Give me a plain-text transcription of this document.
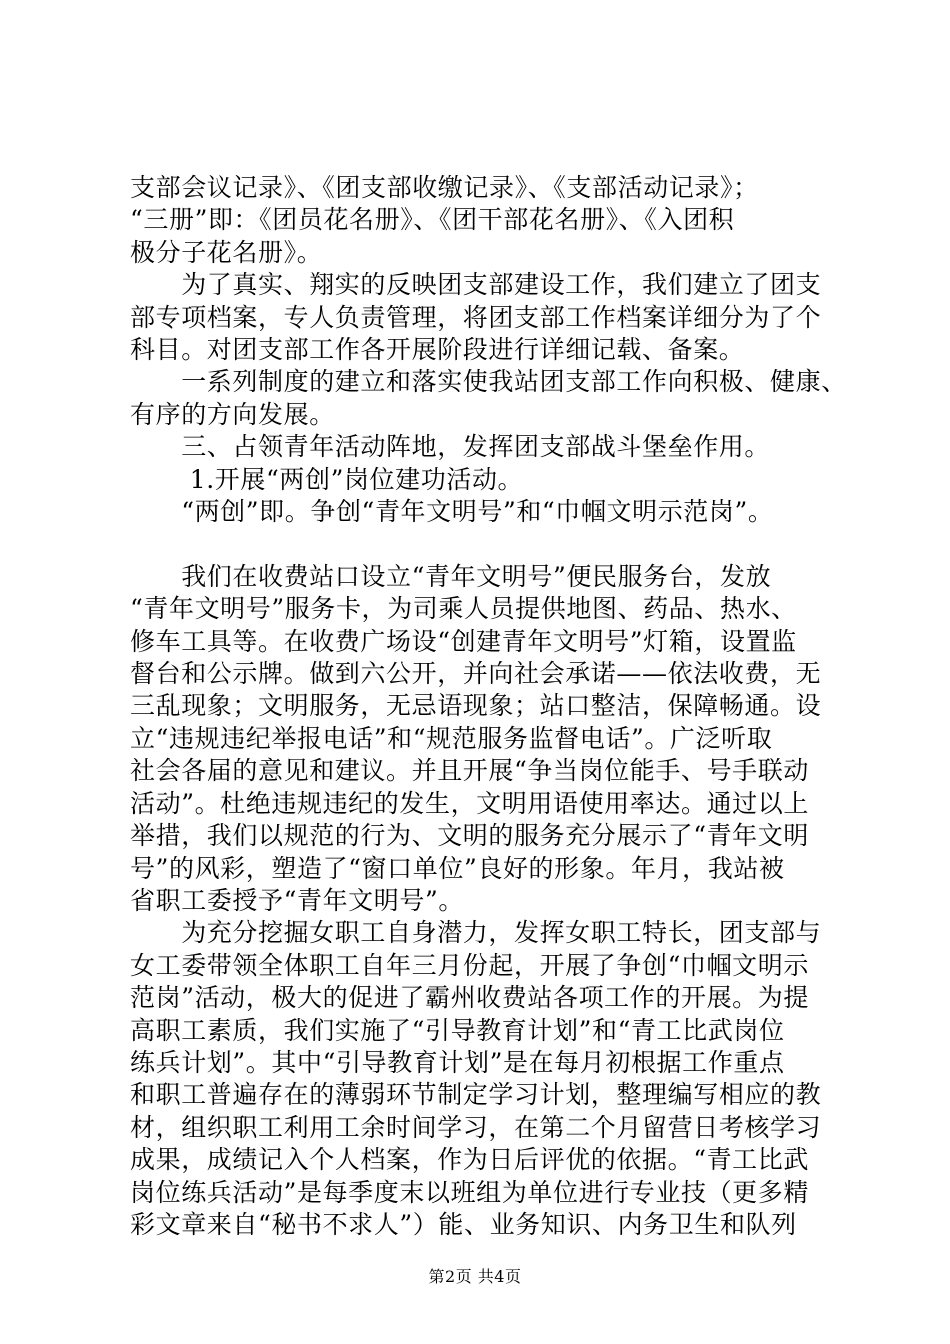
支部会议记录》、《团支部收缴记录》、《支部活动记录》；

“三册”即：《团员花名册》、《团干部花名册》、《入团积

极分子花名册》。

　　为了真实、翔实的反映团支部建设工作，我们建立了团支

部专项档案，专人负责管理，将团支部工作档案详细分为了个

科目。对团支部工作各开展阶段进行详细记载、备案。

　　一系列制度的建立和落实使我站团支部工作向积极、健康、

有序的方向发展。

　　三、占领青年活动阵地，发挥团支部战斗堡垒作用。

　　 1.开展“两创”岗位建功活动。

　　“两创”即。争创“青年文明号”和“巾帼文明示范岗”。

　　我们在收费站口设立“青年文明号”便民服务台，发放

“青年文明号”服务卡，为司乘人员提供地图、药品、热水、

修车工具等。在收费广场设“创建青年文明号”灯箱，设置监

督台和公示牌。做到六公开，并向社会承诺——依法收费，无

三乱现象；文明服务，无忌语现象；站口整洁，保障畅通。设

立“违规违纪举报电话”和“规范服务监督电话”。广泛听取

社会各届的意见和建议。并且开展“争当岗位能手、号手联动

活动”。杜绝违规违纪的发生，文明用语使用率达。通过以上

举措，我们以规范的行为、文明的服务充分展示了“青年文明

号”的风彩，塑造了“窗口单位”良好的形象。年月，我站被

省职工委授予“青年文明号”。

　　为充分挖掘女职工自身潜力，发挥女职工特长，团支部与

女工委带领全体职工自年三月份起，开展了争创“巾帼文明示

范岗”活动，极大的促进了霸州收费站各项工作的开展。为提

高职工素质，我们实施了“引导教育计划”和“青工比武岗位

练兵计划”。其中“引导教育计划”是在每月初根据工作重点

和职工普遍存在的薄弱环节制定学习计划，整理编写相应的教

材，组织职工利用工余时间学习，在第二个月留营日考核学习

成果，成绩记入个人档案，作为日后评优的依据。“青工比武

岗位练兵活动”是每季度末以班组为单位进行专业技（更多精

彩文章来自“秘书不求人”）能、业务知识、内务卫生和队列

第2页 共4页
